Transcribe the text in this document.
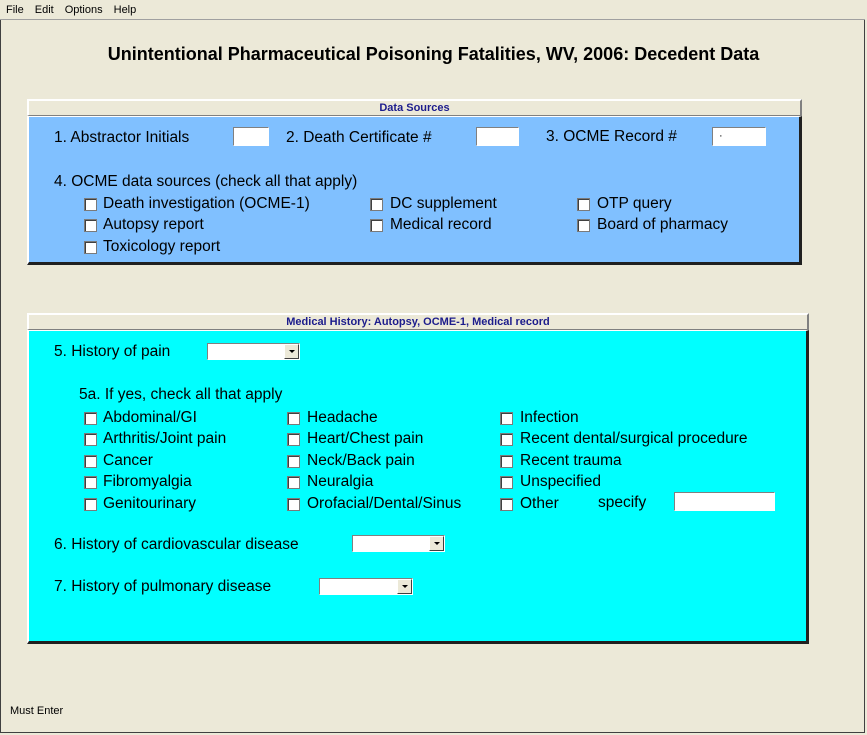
File	Edit	Options	Help
Unintentional Pharmaceutical Poisoning Fatalities, WV, 2006: Decedent Data
Data Sources
1. Abstractor Initials	2. Death Certificate #	3. OCME Record #	·
4. OCME data sources (check all that apply)
Death investigation (OCME-1)	DC supplement	OTP query
Autopsy report	Medical record	Board of pharmacy
Toxicology report
Medical History: Autopsy, OCME-1, Medical record
5. History of pain
5a. If yes, check all that apply
Abdominal/GI	Headache	Infection
Arthritis/Joint pain	Heart/Chest pain	Recent dental/surgical procedure
Cancer	Neck/Back pain	Recent trauma
Fibromyalgia	Neuralgia	Unspecified
Genitourinary	Orofacial/Dental/Sinus	Other	specify
6. History of cardiovascular disease
7. History of pulmonary disease
Must Enter
